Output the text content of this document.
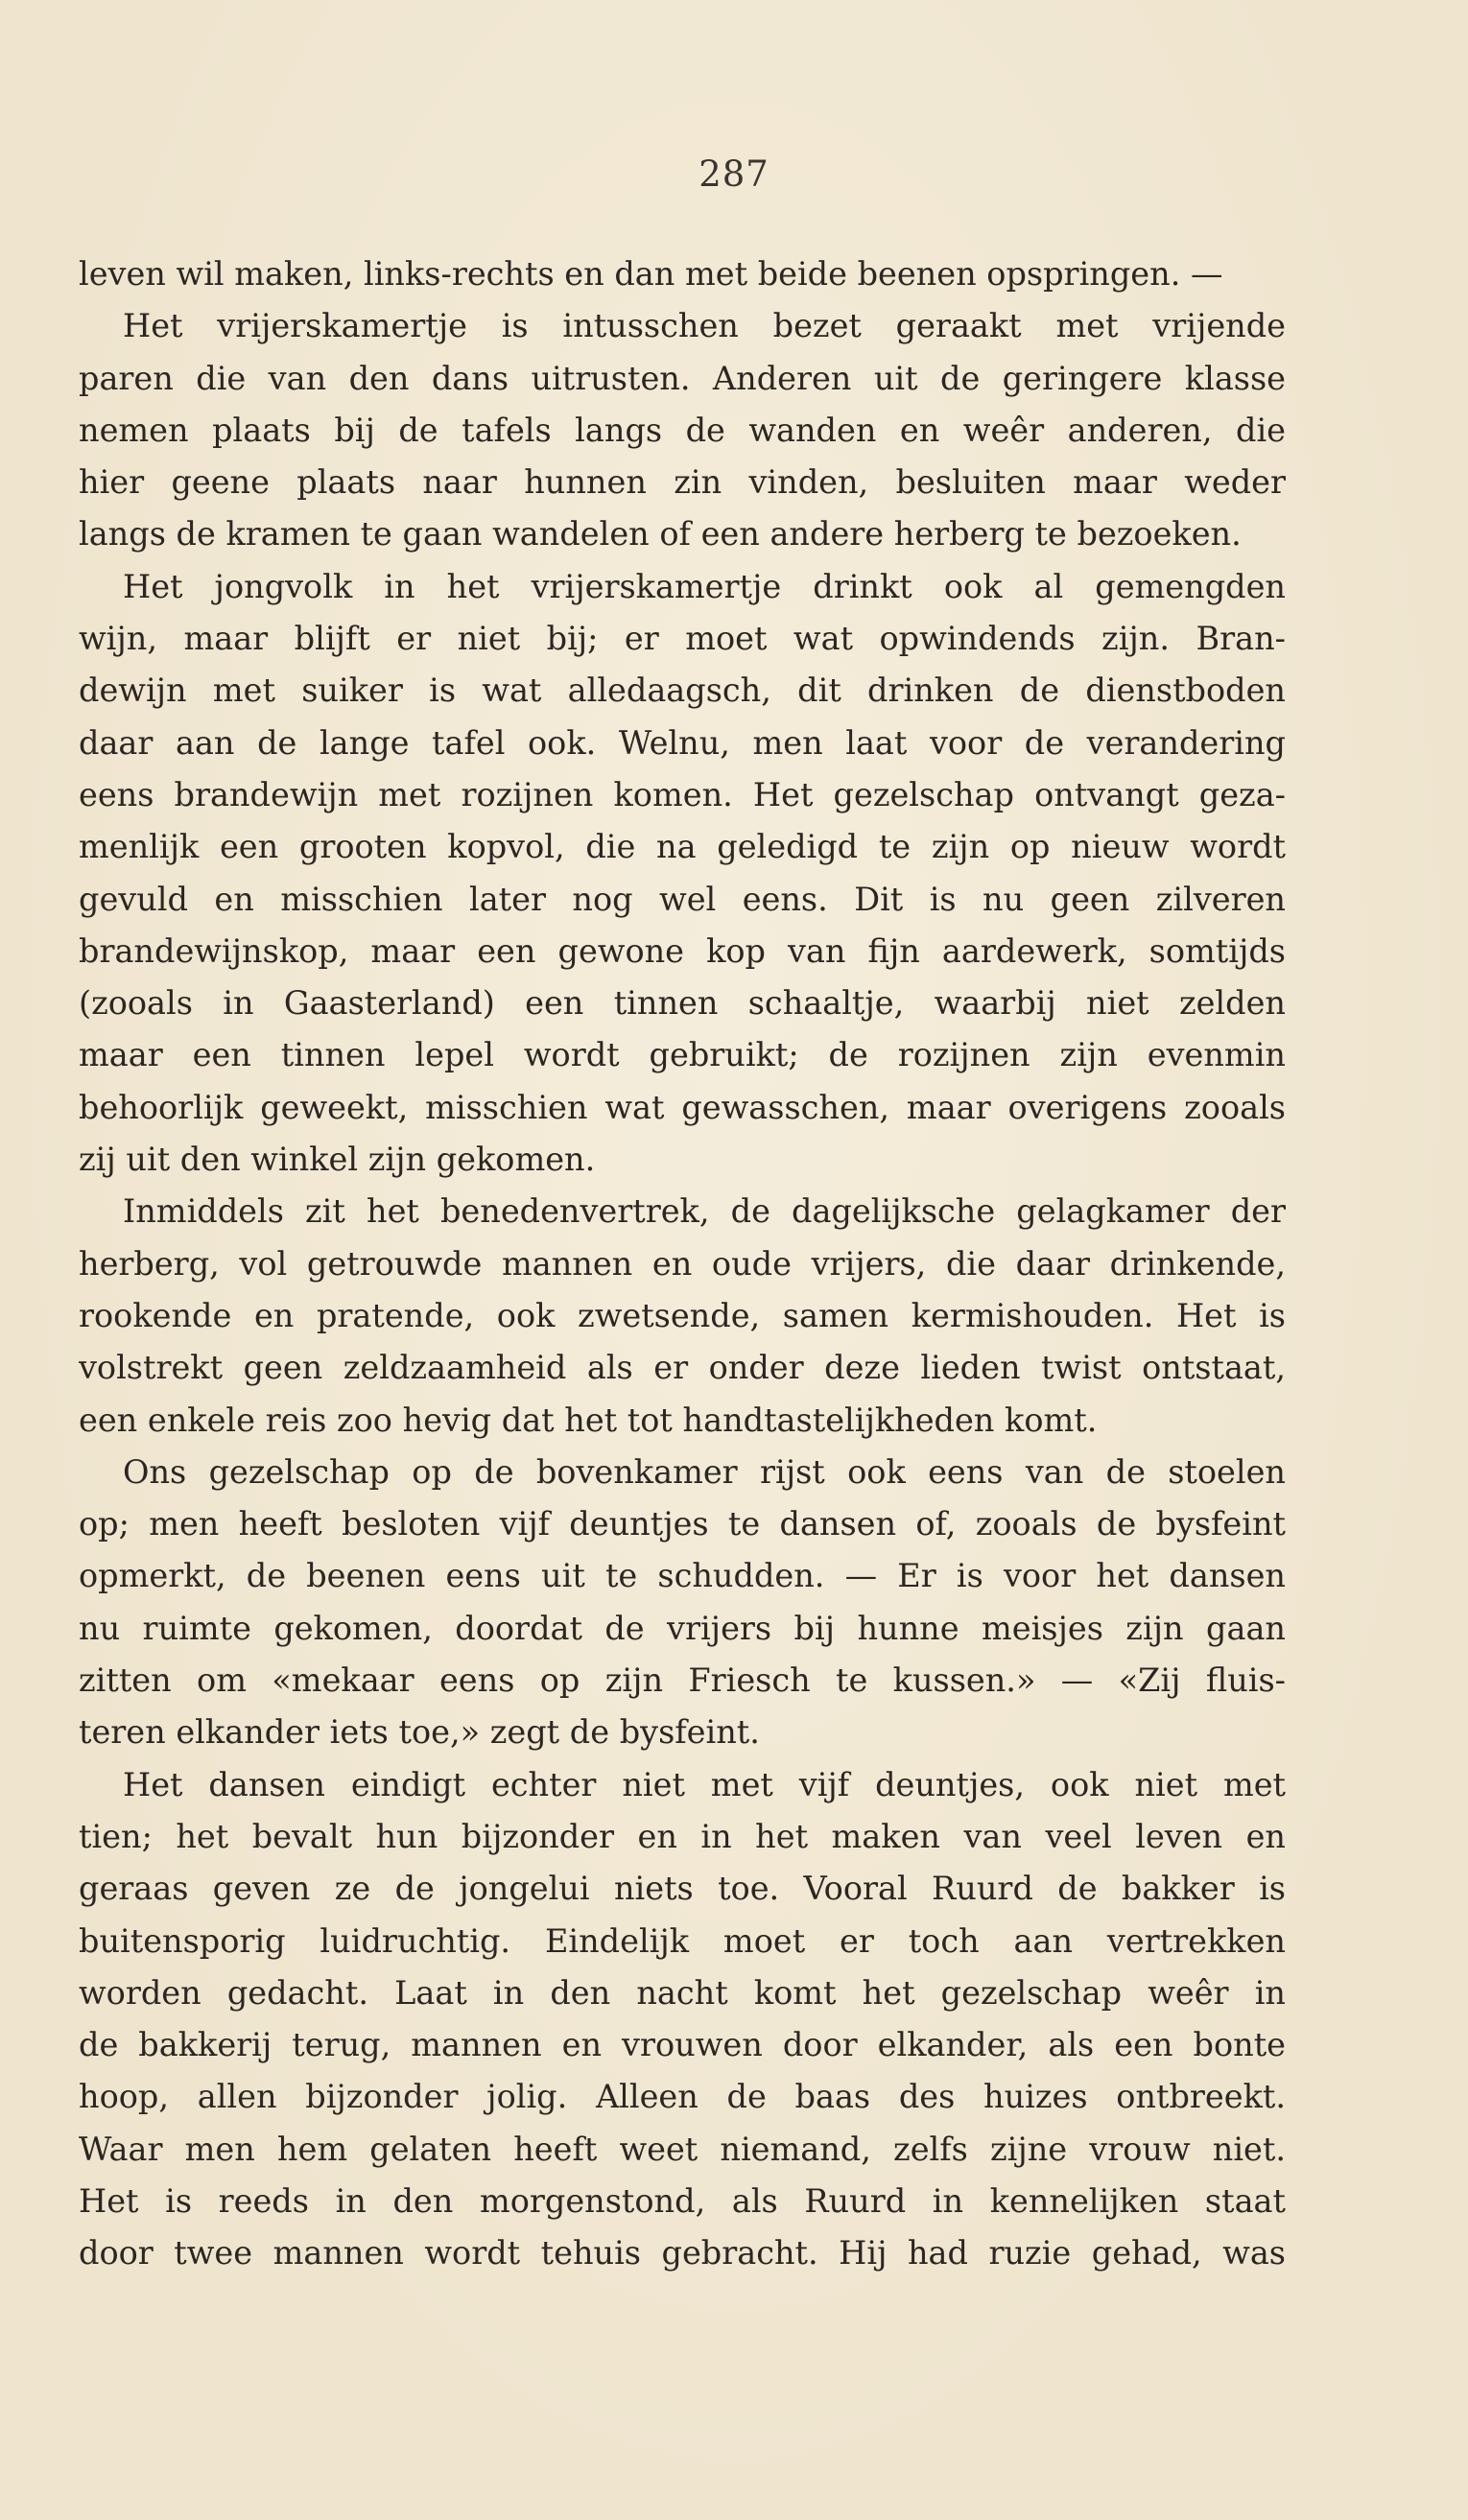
287
leven wil maken, links-rechts en dan met beide beenen opspringen. —
Het vrijerskamertje is intusschen bezet geraakt met vrijende
paren die van den dans uitrusten. Anderen uit de geringere klasse
nemen plaats bij de tafels langs de wanden en weêr anderen, die
hier geene plaats naar hunnen zin vinden, besluiten maar weder
langs de kramen te gaan wandelen of een andere herberg te bezoeken.
Het jongvolk in het vrijerskamertje drinkt ook al gemengden
wijn, maar blijft er niet bij; er moet wat opwindends zijn. Bran-
dewijn met suiker is wat alledaagsch, dit drinken de dienstboden
daar aan de lange tafel ook. Welnu, men laat voor de verandering
eens brandewijn met rozijnen komen. Het gezelschap ontvangt geza-
menlijk een grooten kopvol, die na geledigd te zijn op nieuw wordt
gevuld en misschien later nog wel eens. Dit is nu geen zilveren
brandewijnskop, maar een gewone kop van fijn aardewerk, somtijds
(zooals in Gaasterland) een tinnen schaaltje, waarbij niet zelden
maar een tinnen lepel wordt gebruikt; de rozijnen zijn evenmin
behoorlijk geweekt, misschien wat gewasschen, maar overigens zooals
zij uit den winkel zijn gekomen.
Inmiddels zit het benedenvertrek, de dagelijksche gelagkamer der
herberg, vol getrouwde mannen en oude vrijers, die daar drinkende,
rookende en pratende, ook zwetsende, samen kermishouden. Het is
volstrekt geen zeldzaamheid als er onder deze lieden twist ontstaat,
een enkele reis zoo hevig dat het tot handtastelijkheden komt.
Ons gezelschap op de bovenkamer rijst ook eens van de stoelen
op; men heeft besloten vijf deuntjes te dansen of, zooals de bysfeint
opmerkt, de beenen eens uit te schudden. — Er is voor het dansen
nu ruimte gekomen, doordat de vrijers bij hunne meisjes zijn gaan
zitten om «mekaar eens op zijn Friesch te kussen.» — «Zij fluis-
teren elkander iets toe,» zegt de bysfeint.
Het dansen eindigt echter niet met vijf deuntjes, ook niet met
tien; het bevalt hun bijzonder en in het maken van veel leven en
geraas geven ze de jongelui niets toe. Vooral Ruurd de bakker is
buitensporig luidruchtig. Eindelijk moet er toch aan vertrekken
worden gedacht. Laat in den nacht komt het gezelschap weêr in
de bakkerij terug, mannen en vrouwen door elkander, als een bonte
hoop, allen bijzonder jolig. Alleen de baas des huizes ontbreekt.
Waar men hem gelaten heeft weet niemand, zelfs zijne vrouw niet.
Het is reeds in den morgenstond, als Ruurd in kennelijken staat
door twee mannen wordt tehuis gebracht. Hij had ruzie gehad, was
